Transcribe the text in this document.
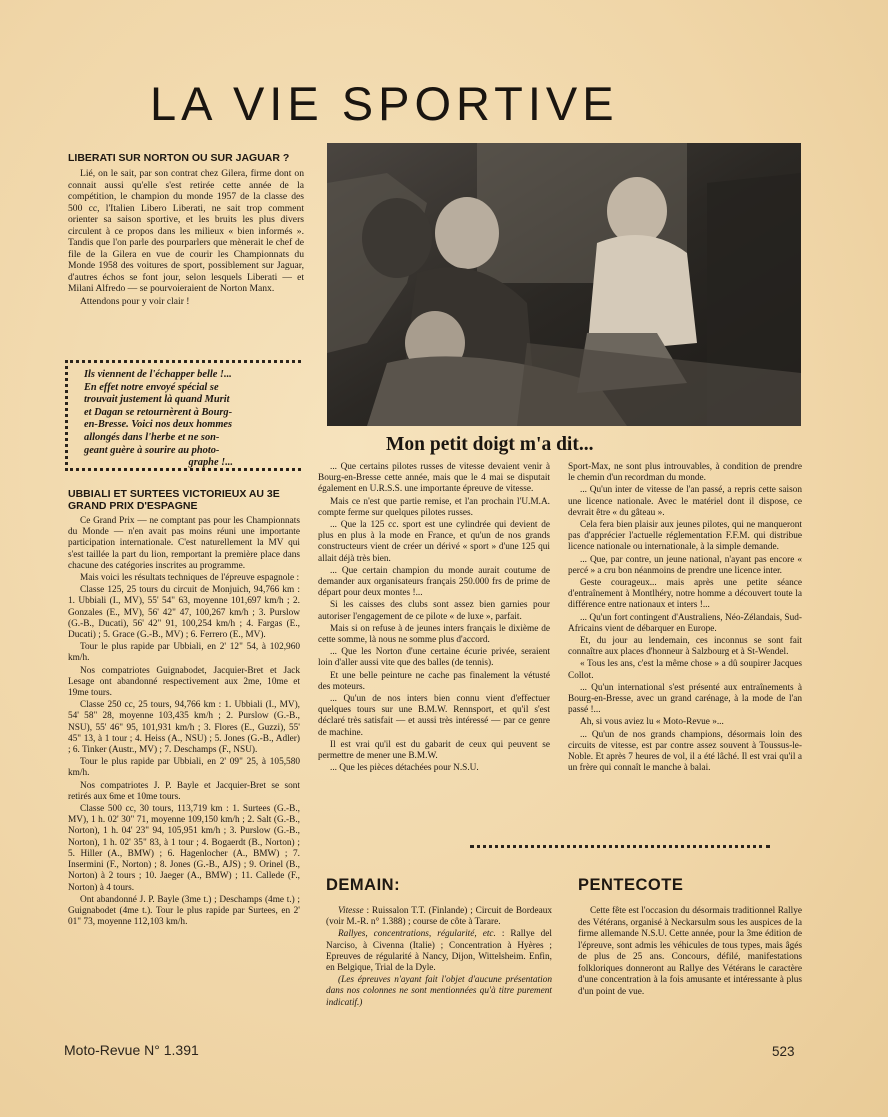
LA VIE SPORTIVE
LIBERATI SUR NORTON OU SUR JAGUAR ?

Lié, on le sait, par son contrat chez Gilera, firme dont on connait aussi qu'elle s'est retirée cette année de la compétition, le champion du monde 1957 de la classe des 500 cc, l'Italien Libero Liberati, ne sait trop comment orienter sa saison sportive, et les bruits les plus divers circulent à ce propos dans les milieux « bien informés ». Tandis que l'on parle des pourparlers que mènerait le chef de file de la Gilera en vue de courir les Championnats du Monde 1958 des voitures de sport, possiblement sur Jaguar, d'autres échos se font jour, selon lesquels Liberati — et Milani Alfredo — se pourvoieraient de Norton Manx.

Attendons pour y voir clair !

Ils viennent de l'échapper belle !...
En effet notre envoyé spécial se
trouvait justement là quand Murit
et Dagan se retournèrent à Bourg-
en-Bresse. Voici nos deux hommes
allongés dans l'herbe et ne son-
geant guère à sourire au photo-
graphe !...
UBBIALI ET SURTEES VICTORIEUX AU 3E GRAND PRIX D'ESPAGNE

Ce Grand Prix — ne comptant pas pour les Championnats du Monde — n'en avait pas moins réuni une importante participation internationale. C'est naturellement la MV qui s'est taillée la part du lion, remportant la première place dans chacune des catégories inscrites au programme.

Mais voici les résultats techniques de l'épreuve espagnole :

Classe 125, 25 tours du circuit de Monjuich, 94,766 km : 1. Ubbiali (I., MV), 55' 54" 63, moyenne 101,697 km/h ; 2. Gonzales (E., MV), 56' 42" 47, 100,267 km/h ; 3. Purslow (G.-B., Ducati), 56' 42" 91, 100,254 km/h ; 4. Fargas (E., Ducati) ; 5. Grace (G.-B., MV) ; 6. Ferrero (E., MV).

Tour le plus rapide par Ubbiali, en 2' 12" 54, à 102,960 km/h.

Nos compatriotes Guignabodet, Jacquier-Bret et Jack Lesage ont abandonné respectivement aux 2me, 10me et 19me tours.

Classe 250 cc, 25 tours, 94,766 km : 1. Ubbiali (I., MV), 54' 58" 28, moyenne 103,435 km/h ; 2. Purslow (G.-B., NSU), 55' 46" 95, 101,931 km/h ; 3. Flores (E., Guzzi), 55' 45" 13, à 1 tour ; 4. Heiss (A., NSU) ; 5. Jones (G.-B., Adler) ; 6. Tinker (Austr., MV) ; 7. Deschamps (F., NSU).

Tour le plus rapide par Ubbiali, en 2' 09" 25, à 105,580 km/h.

Nos compatriotes J. P. Bayle et Jacquier-Bret se sont retirés aux 6me et 10me tours.

Classe 500 cc, 30 tours, 113,719 km : 1. Surtees (G.-B., MV), 1 h. 02' 30" 71, moyenne 109,150 km/h ; 2. Salt (G.-B., Norton), 1 h. 04' 23" 94, 105,951 km/h ; 3. Purslow (G.-B., Norton), 1 h. 02' 35" 83, à 1 tour ; 4. Bogaerdt (B., Norton) ; 5. Hiller (A., BMW) ; 6. Hagenlocher (A., BMW) ; 7. Insermini (F., Norton) ; 8. Jones (G.-B., AJS) ; 9. Orinel (B., Norton) à 2 tours ; 10. Jaeger (A., BMW) ; 11. Callede (F., Norton) à 4 tours.

Ont abandonné J. P. Bayle (3me t.) ; Deschamps (4me t.) ; Guignabodet (4me t.). Tour le plus rapide par Surtees, en 2' 01" 73, moyenne 112,103 km/h.

Mon petit doigt m'a dit...

... Que certains pilotes russes de vitesse devaient venir à Bourg-en-Bresse cette année, mais que le 4 mai se disputait également en U.R.S.S. une importante épreuve de vitesse.

Mais ce n'est que partie remise, et l'an prochain l'U.M.A. compte ferme sur quelques pilotes russes.

... Que la 125 cc. sport est une cylindrée qui devient de plus en plus à la mode en France, et qu'un de nos grands constructeurs vient de créer un dérivé « sport » d'une 125 qui allait déjà très bien.

... Que certain champion du monde aurait coutume de demander aux organisateurs français 250.000 frs de prime de départ pour deux montes !...

Si les caisses des clubs sont assez bien garnies pour autoriser l'engagement de ce pilote « de luxe », parfait.

Mais si on refuse à de jeunes inters français le dixième de cette somme, là nous ne somme plus d'accord.

... Que les Norton d'une certaine écurie privée, seraient loin d'aller aussi vite que des balles (de tennis).

Et une belle peinture ne cache pas finalement la vétusté des moteurs.

... Qu'un de nos inters bien connu vient d'effectuer quelques tours sur une B.M.W. Rennsport, et qu'il s'est déclaré très satisfait — et aussi très intéressé — par ce genre de machine.

Il est vrai qu'il est du gabarit de ceux qui peuvent se permettre de mener une B.M.W.

... Que les pièces détachées pour N.S.U.

Sport-Max, ne sont plus introuvables, à condition de prendre le chemin d'un recordman du monde.

... Qu'un inter de vitesse de l'an passé, a repris cette saison une licence nationale. Avec le matériel dont il dispose, ce devrait être « du gâteau ».

Cela fera bien plaisir aux jeunes pilotes, qui ne manqueront pas d'apprécier l'actuelle réglementation F.F.M. qui distribue licence nationale ou internationale, à la simple demande.

... Que, par contre, un jeune national, n'ayant pas encore « percé » a cru bon néanmoins de prendre une licence inter.

Geste courageux... mais après une petite séance d'entraînement à Montlhéry, notre homme a découvert toute la différence entre nationaux et inters !...

... Qu'un fort contingent d'Australiens, Néo-Zélandais, Sud-Africains vient de débarquer en Europe.

Et, du jour au lendemain, ces inconnus se sont fait connaître aux places d'honneur à Salzbourg et à St-Wendel.

« Tous les ans, c'est la même chose » a dû soupirer Jacques Collot.

... Qu'un international s'est présenté aux entraînements à Bourg-en-Bresse, avec un grand carénage, à la mode de l'an passé !...

Ah, si vous aviez lu « Moto-Revue »...

... Qu'un de nos grands champions, désormais loin des circuits de vitesse, est par contre assez souvent à Toussus-le-Noble. Et après 7 heures de vol, il a été lâché. Il est vrai qu'il a un frère qui connaît le manche à balai.

DEMAIN:

Vitesse : Ruissalon T.T. (Finlande) ; Circuit de Bordeaux (voir M.-R. n° 1.388) ; course de côte à Tarare.

Rallyes, concentrations, régularité, etc. : Rallye del Narciso, à Civenna (Italie) ; Concentration à Hyères ; Epreuves de régularité à Nancy, Dijon, Wittelsheim. Enfin, en Belgique, Trial de la Dyle.

(Les épreuves n'ayant fait l'objet d'aucune présentation dans nos colonnes ne sont mentionnées qu'à titre purement indicatif.)

PENTECOTE

Cette fête est l'occasion du désormais traditionnel Rallye des Vétérans, organisé à Neckarsulm sous les auspices de la firme allemande N.S.U. Cette année, pour la 3me édition de l'épreuve, sont admis les véhicules de tous types, mais âgés de plus de 25 ans. Concours, défilé, manifestations folkloriques donneront au Rallye des Vétérans le caractère d'une concentration à la fois amusante et intéressante à plus d'un point de vue.

Moto-Revue N° 1.391	523
